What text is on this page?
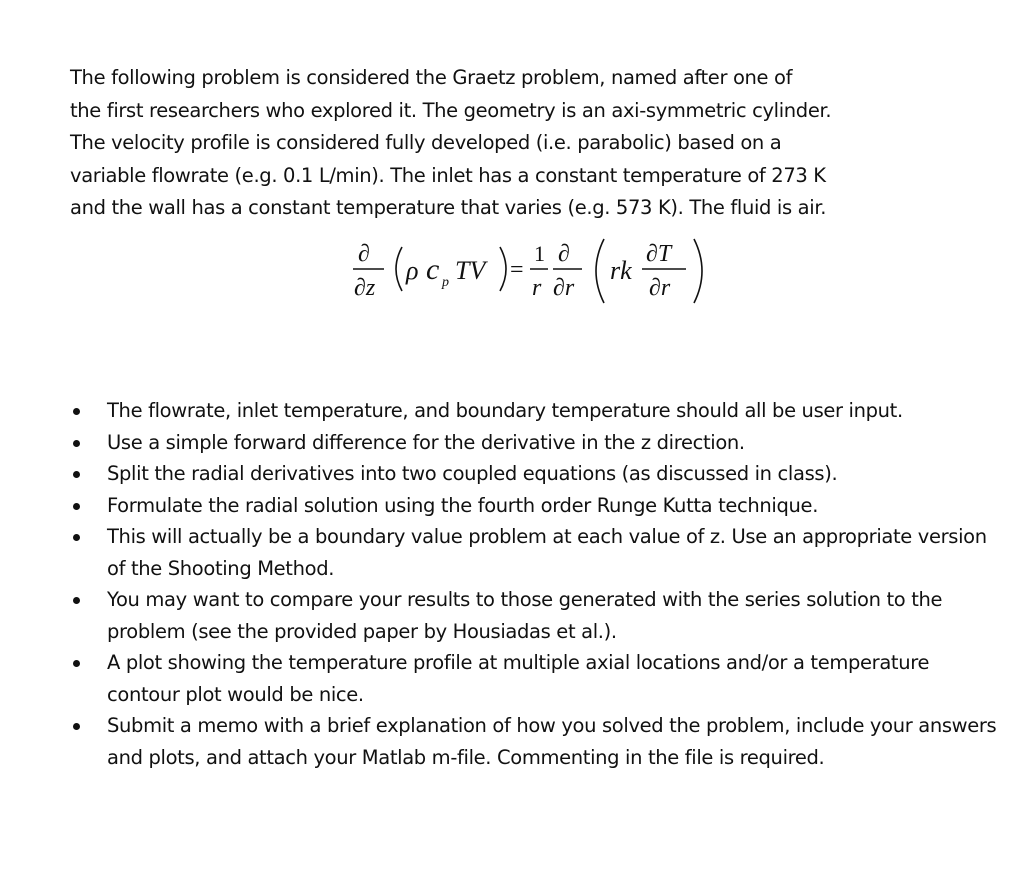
The following problem is considered the Graetz problem, named after one of
the first researchers who explored it. The geometry is an axi-symmetric cylinder.
The velocity profile is considered fully developed (i.e. parabolic) based on a
variable flowrate (e.g. 0.1 L/min). The inlet has a constant temperature of 273 K
and the wall has a constant temperature that varies (e.g. 573 K). The fluid is air.

∂
∂z
ρ c p TV =
1
r
∂
∂r
rk
∂T
∂r
The flowrate, inlet temperature, and boundary temperature should all be user input.
Use a simple forward difference for the derivative in the z direction.
Split the radial derivatives into two coupled equations (as discussed in class).
Formulate the radial solution using the fourth order Runge Kutta technique.
This will actually be a boundary value problem at each value of z. Use an appropriate version of the Shooting Method.
You may want to compare your results to those generated with the series solution to the problem (see the provided paper by Housiadas et al.).
A plot showing the temperature profile at multiple axial locations and/or a temperature contour plot would be nice.
Submit a memo with a brief explanation of how you solved the problem, include your answers and plots, and attach your Matlab m-file. Commenting in the file is required.
